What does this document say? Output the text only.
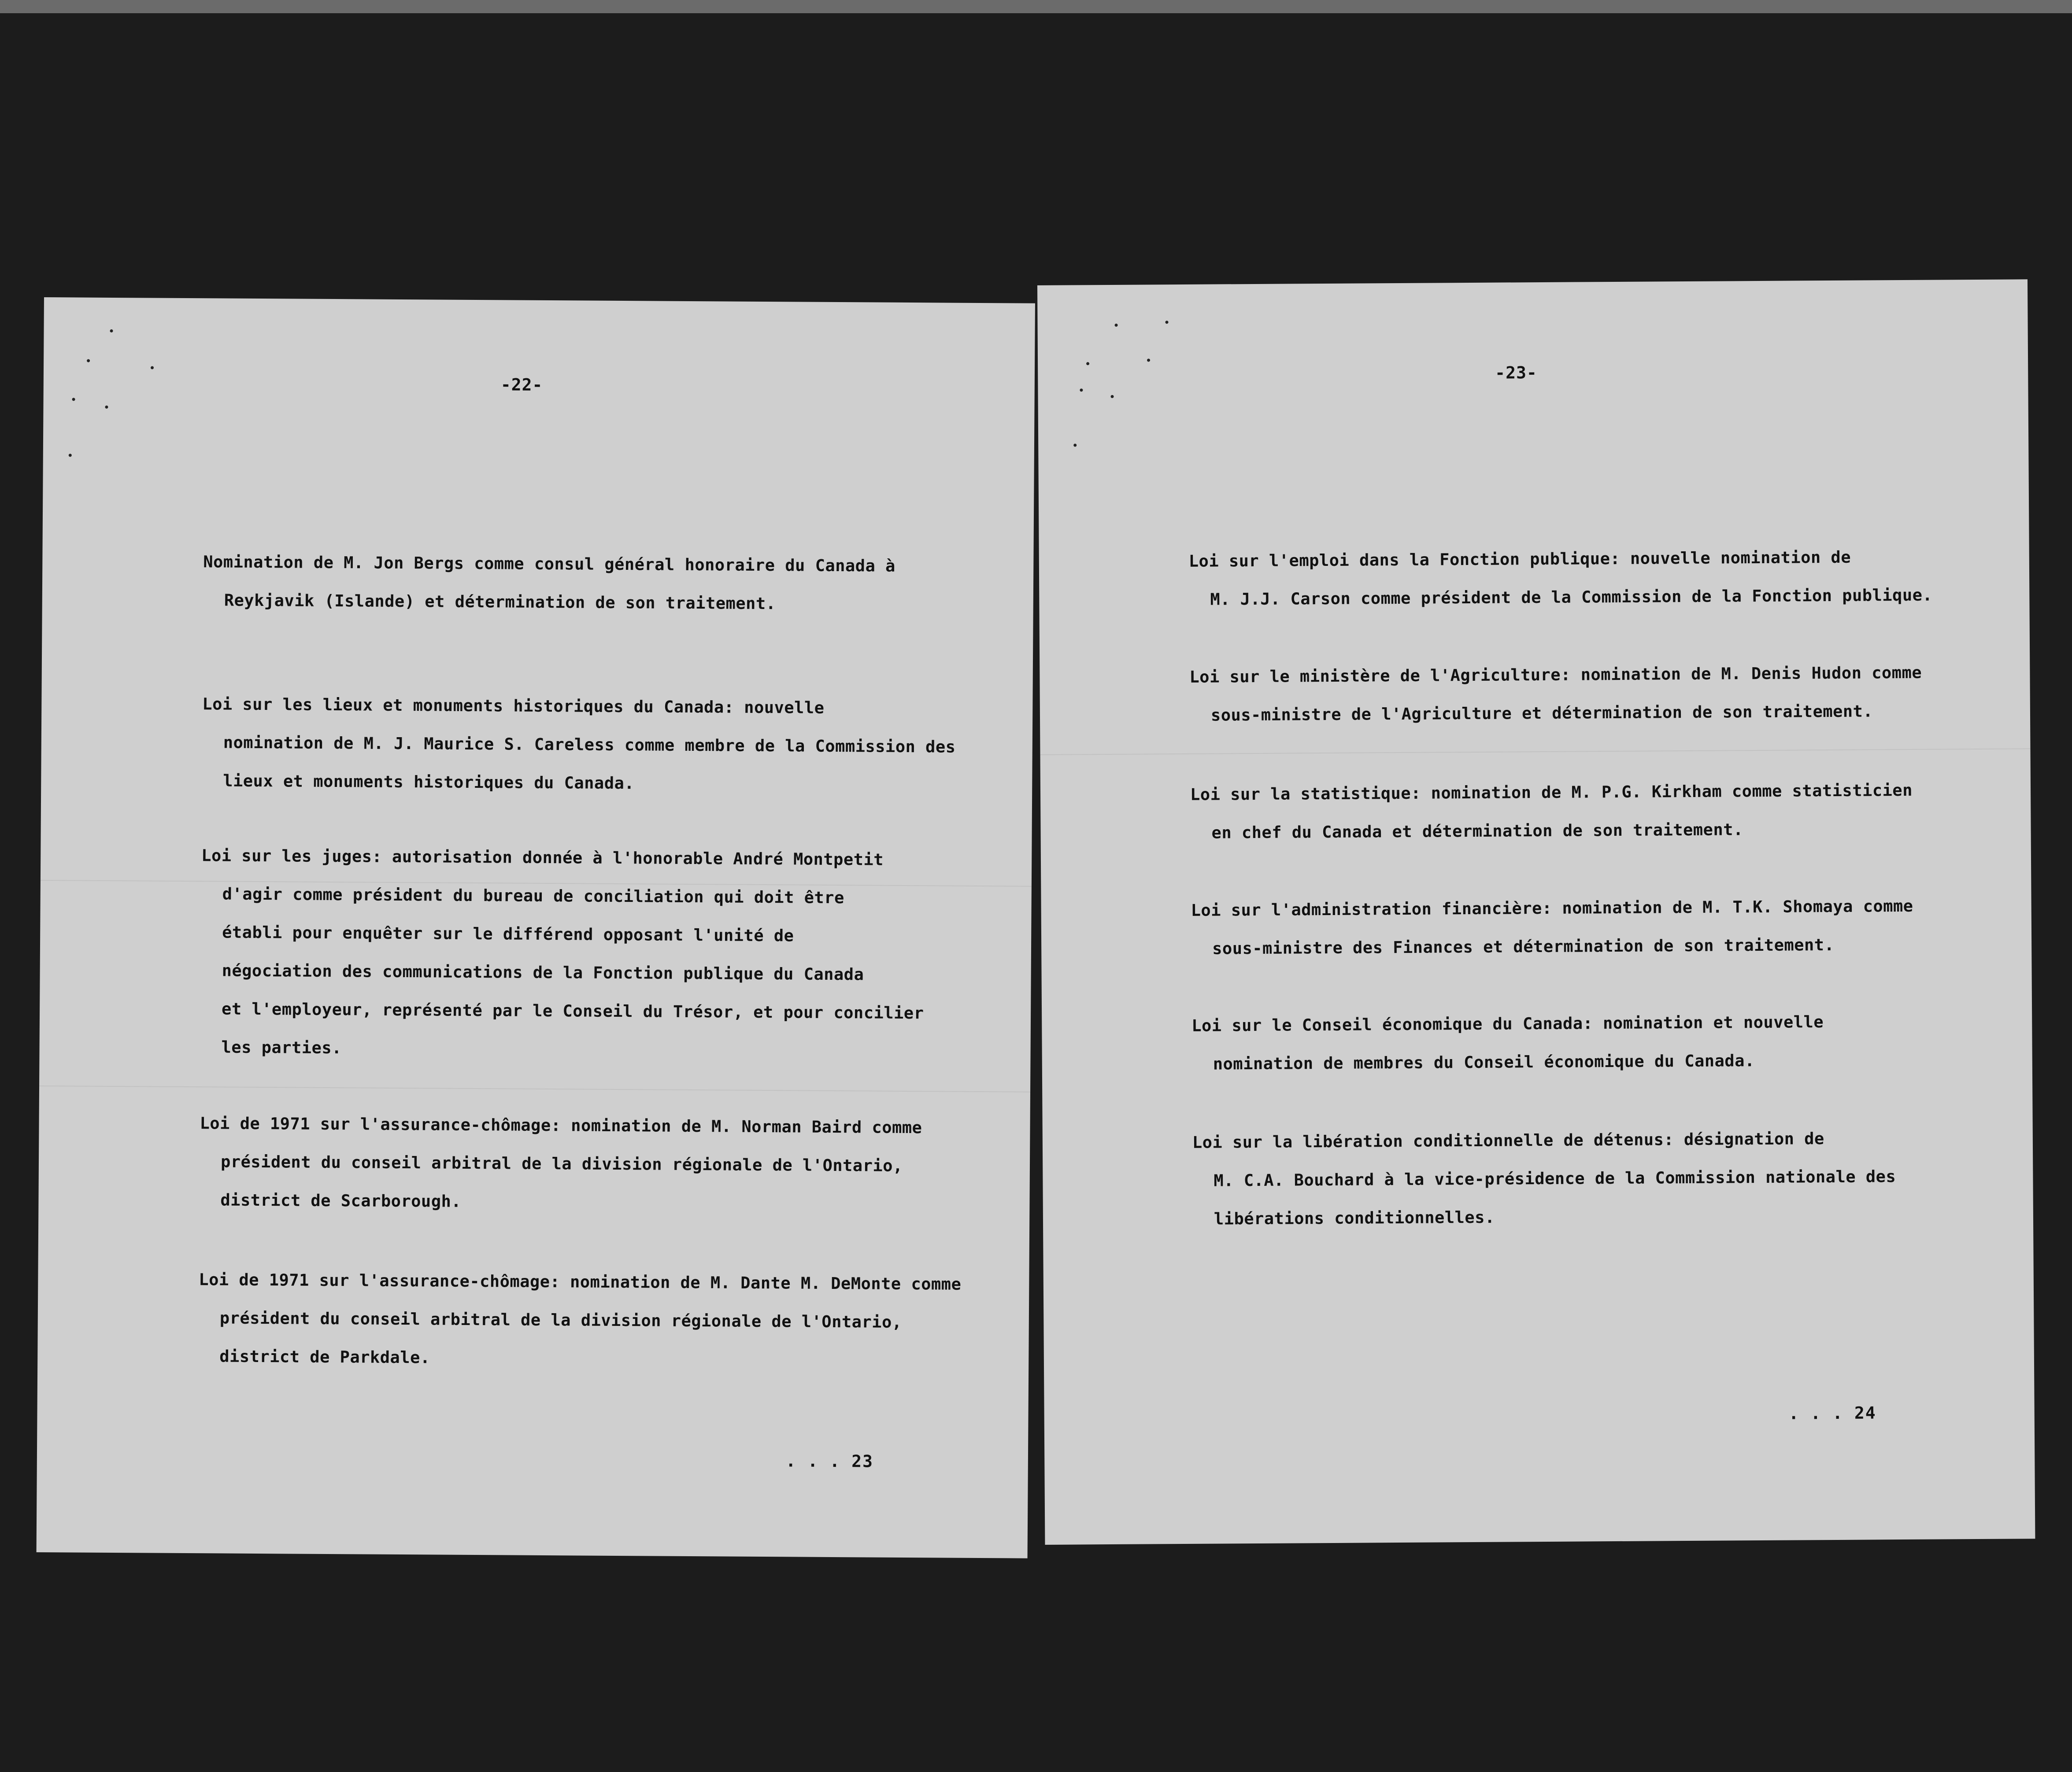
-22-
Nomination de M. Jon Bergs comme consul général honoraire du Canada à
Reykjavik (Islande) et détermination de son traitement.
Loi sur les lieux et monuments historiques du Canada: nouvelle
nomination de M. J. Maurice S. Careless comme membre de la Commission des
lieux et monuments historiques du Canada.
Loi sur les juges: autorisation donnée à l'honorable André Montpetit
d'agir comme président du bureau de conciliation qui doit être
établi pour enquêter sur le différend opposant l'unité de
négociation des communications de la Fonction publique du Canada
et l'employeur, représenté par le Conseil du Trésor, et pour concilier
les parties.
Loi de 1971 sur l'assurance-chômage: nomination de M. Norman Baird comme
président du conseil arbitral de la division régionale de l'Ontario,
district de Scarborough.
Loi de 1971 sur l'assurance-chômage: nomination de M. Dante M. DeMonte comme
président du conseil arbitral de la division régionale de l'Ontario,
district de Parkdale.
. . . 23
-23-
Loi sur l'emploi dans la Fonction publique: nouvelle nomination de
M. J.J. Carson comme président de la Commission de la Fonction publique.
Loi sur le ministère de l'Agriculture: nomination de M. Denis Hudon comme
sous-ministre de l'Agriculture et détermination de son traitement.
Loi sur la statistique: nomination de M. P.G. Kirkham comme statisticien
en chef du Canada et détermination de son traitement.
Loi sur l'administration financière: nomination de M. T.K. Shomaya comme
sous-ministre des Finances et détermination de son traitement.
Loi sur le Conseil économique du Canada: nomination et nouvelle
nomination de membres du Conseil économique du Canada.
Loi sur la libération conditionnelle de détenus: désignation de
M. C.A. Bouchard à la vice-présidence de la Commission nationale des
libérations conditionnelles.
. . . 24
